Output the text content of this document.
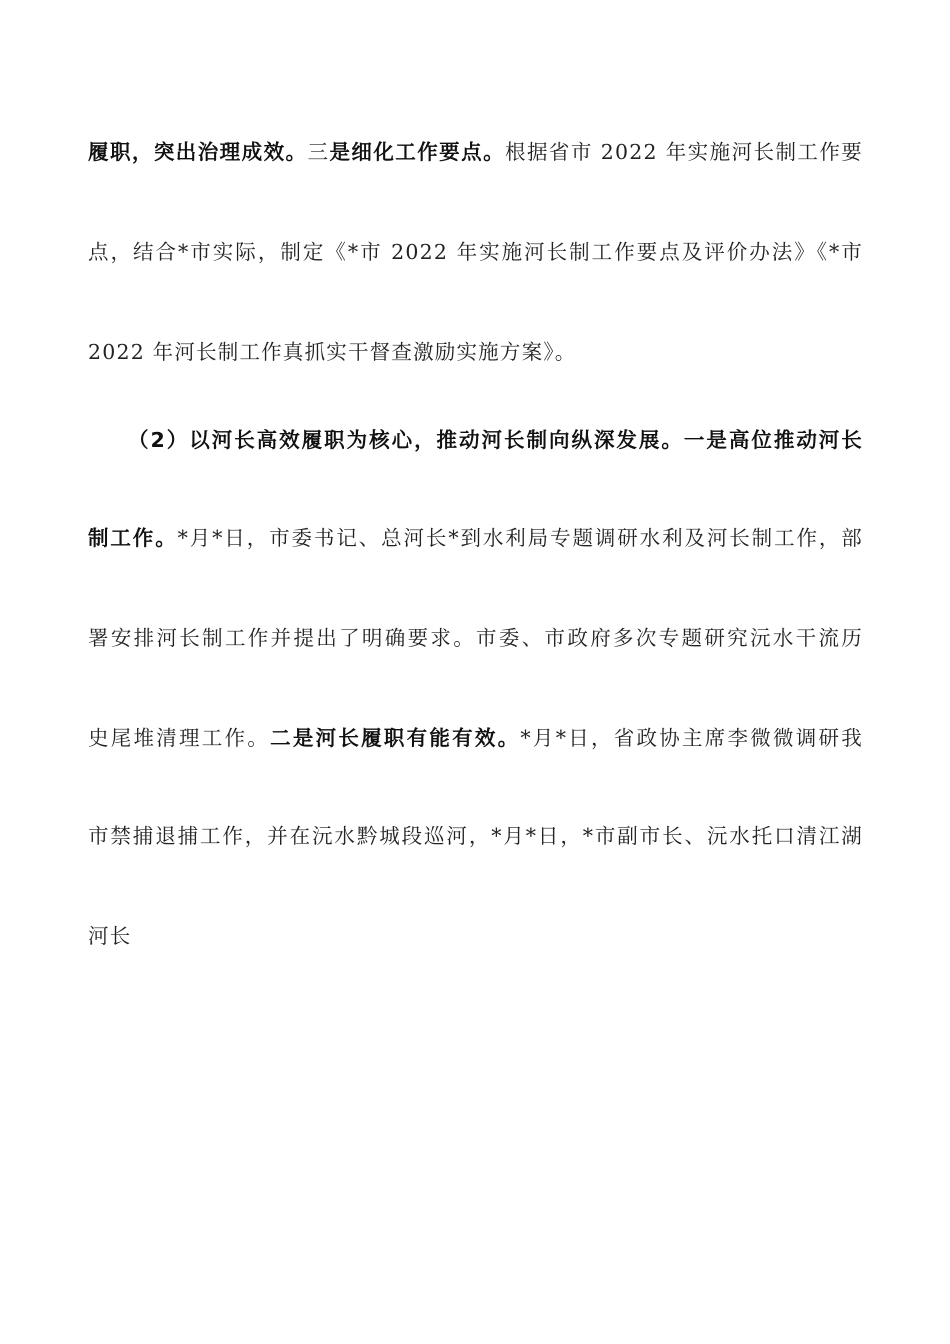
履职，突出治理成效。三是细化工作要点。根据省市 2022 年实施河长制工作要
点，结合*市实际，制定《*市 2022 年实施河长制工作要点及评价办法》《*市
2022 年河长制工作真抓实干督查激励实施方案》。
（2）以河长高效履职为核心，推动河长制向纵深发展。一是高位推动河长
制工作。*月*日，市委书记、总河长*到水利局专题调研水利及河长制工作，部
署安排河长制工作并提出了明确要求。市委、市政府多次专题研究沅水干流历
史尾堆清理工作。二是河长履职有能有效。*月*日，省政协主席李微微调研我
市禁捕退捕工作，并在沅水黔城段巡河，*月*日，*市副市长、沅水托口清江湖
河长
